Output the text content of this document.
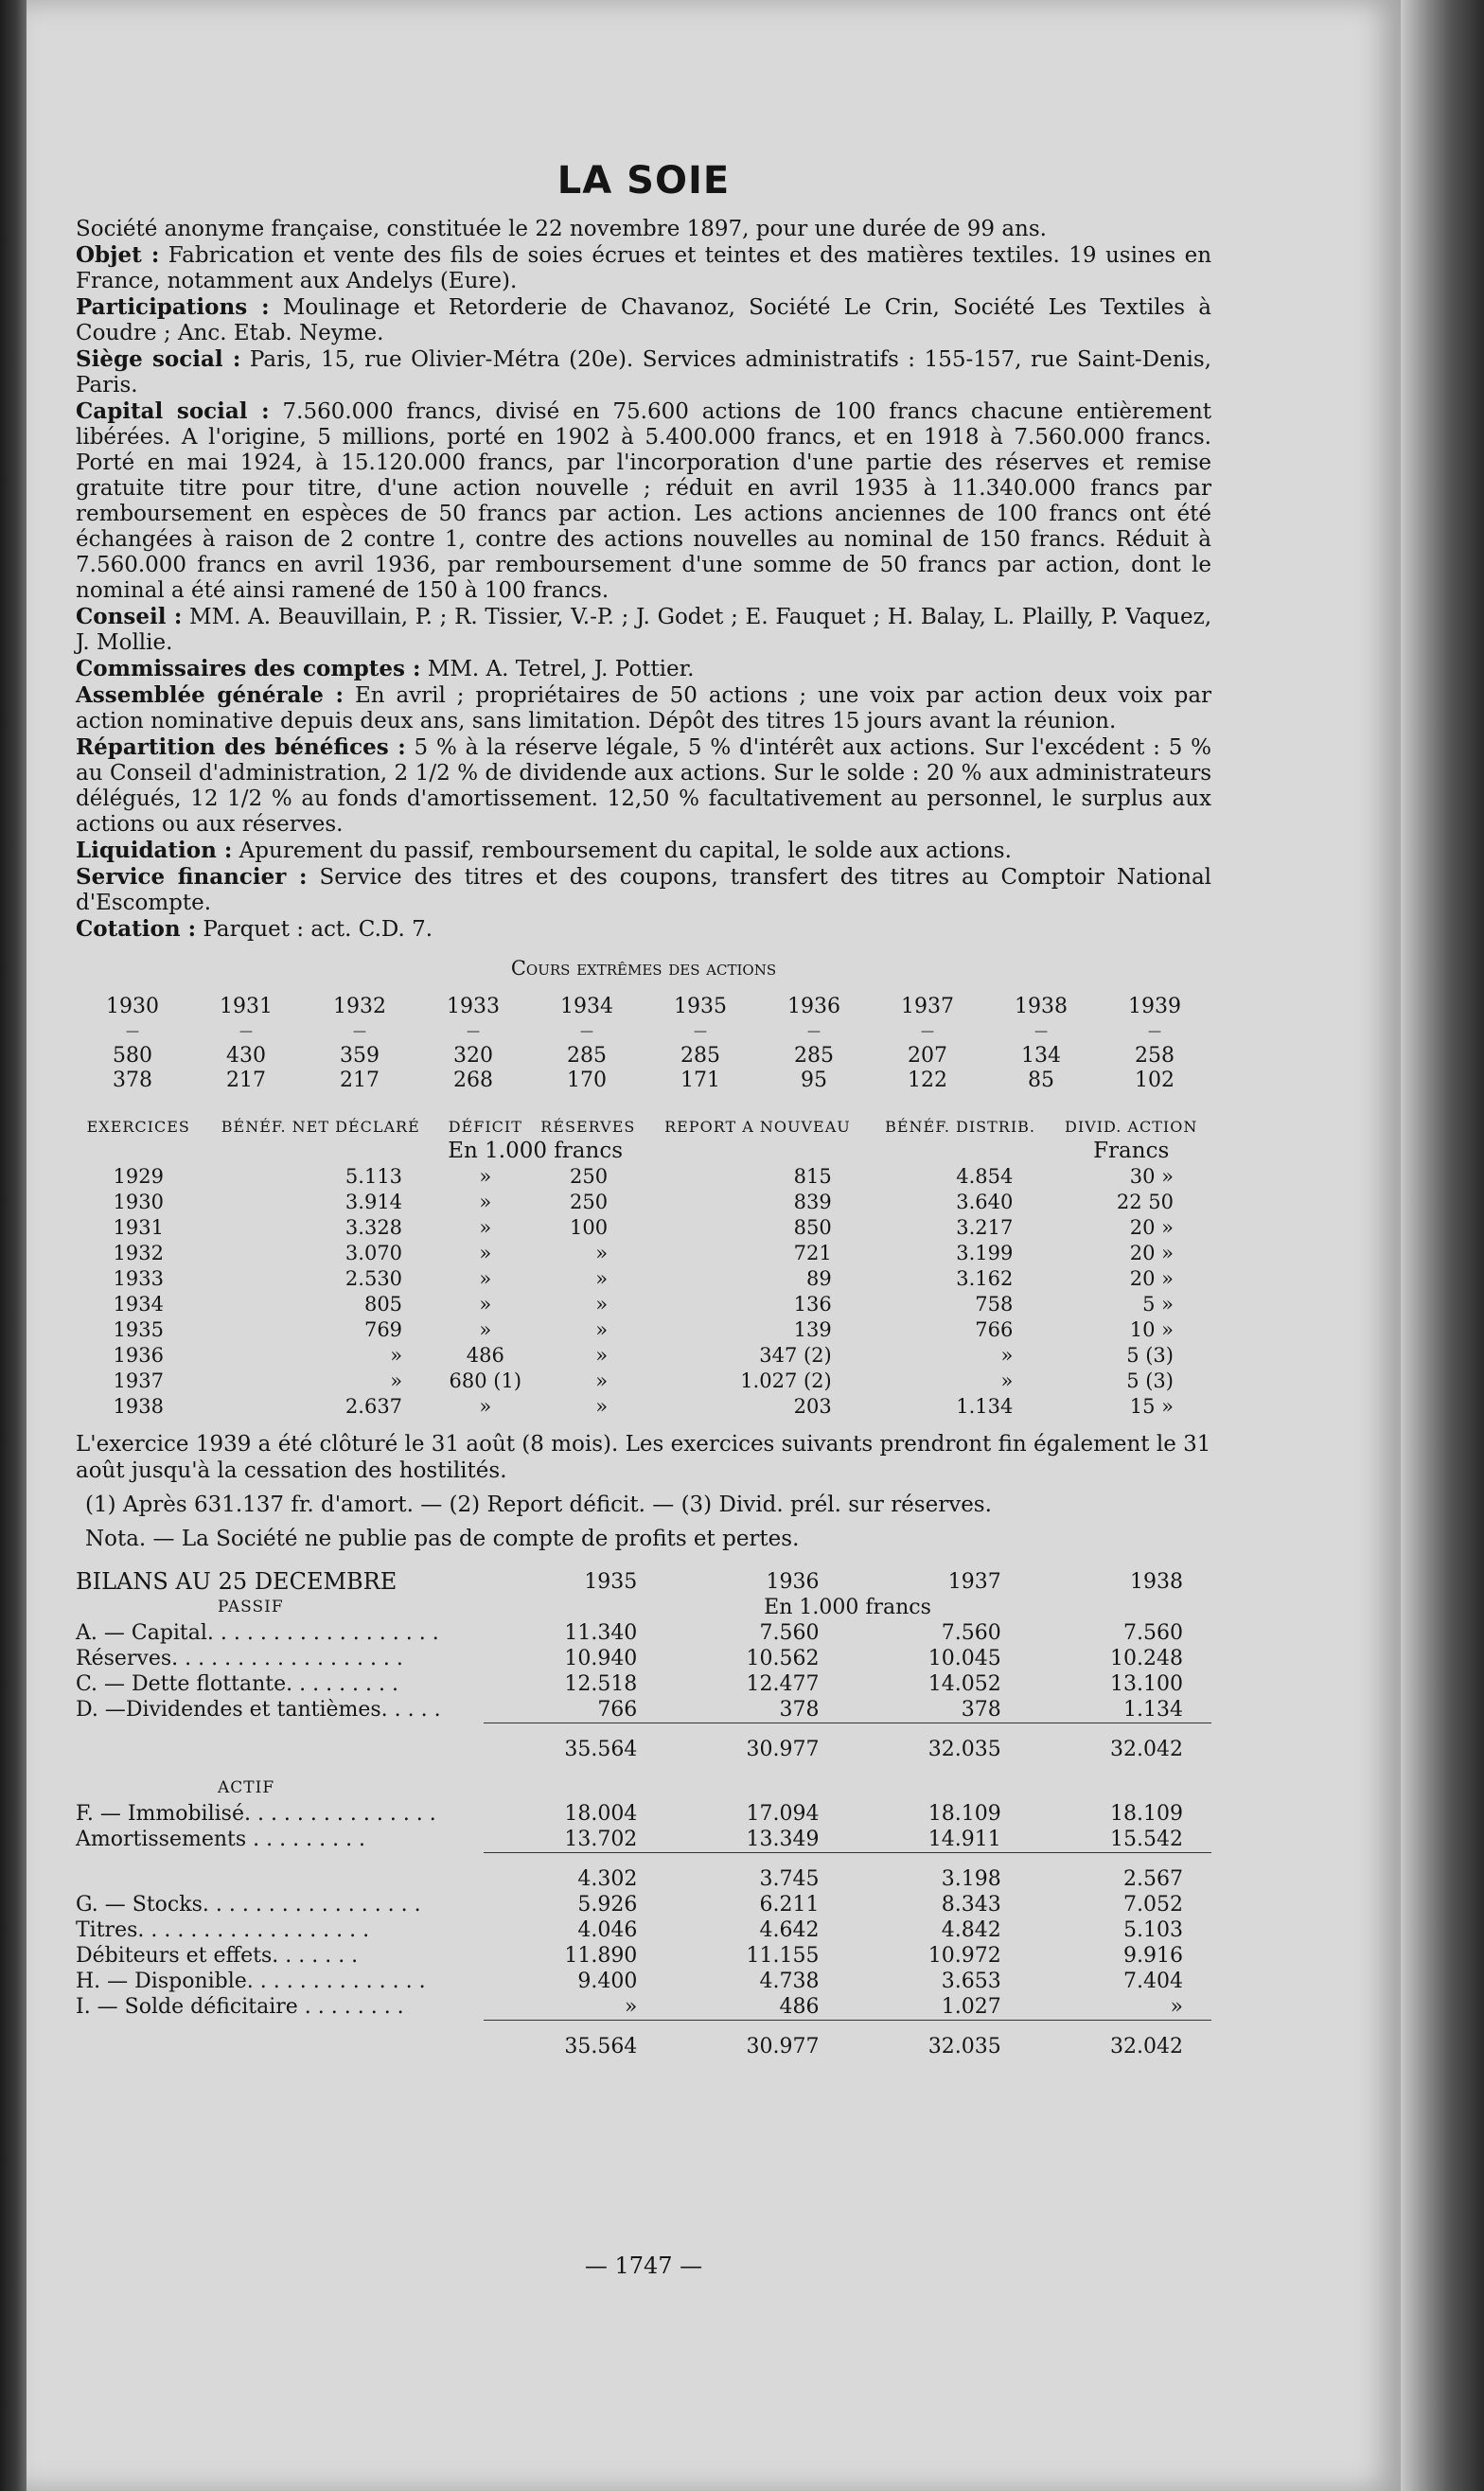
LA SOIE

Société anonyme française, constituée le 22 novembre 1897, pour une durée de 99 ans.

Objet : Fabrication et vente des fils de soies écrues et teintes et des matières textiles. 19 usines en France, notamment aux Andelys (Eure).

Participations : Moulinage et Retorderie de Chavanoz, Société Le Crin, Société Les Textiles à Coudre ; Anc. Etab. Neyme.

Siège social : Paris, 15, rue Olivier-Métra (20e). Services administratifs : 155-157, rue Saint-Denis, Paris.

Capital social : 7.560.000 francs, divisé en 75.600 actions de 100 francs chacune entièrement libérées. A l'origine, 5 millions, porté en 1902 à 5.400.000 francs, et en 1918 à 7.560.000 francs. Porté en mai 1924, à 15.120.000 francs, par l'incorporation d'une partie des réserves et remise gratuite titre pour titre, d'une action nouvelle ; réduit en avril 1935 à 11.340.000 francs par remboursement en espèces de 50 francs par action. Les actions anciennes de 100 francs ont été échangées à raison de 2 contre 1, contre des actions nouvelles au nominal de 150 francs. Réduit à 7.560.000 francs en avril 1936, par remboursement d'une somme de 50 francs par action, dont le nominal a été ainsi ramené de 150 à 100 francs.

Conseil : MM. A. Beauvillain, P. ; R. Tissier, V.-P. ; J. Godet ; E. Fauquet ; H. Balay, L. Plailly, P. Vaquez, J. Mollie.

Commissaires des comptes : MM. A. Tetrel, J. Pottier.

Assemblée générale : En avril ; propriétaires de 50 actions ; une voix par action deux voix par action nominative depuis deux ans, sans limitation. Dépôt des titres 15 jours avant la réunion.

Répartition des bénéfices : 5 % à la réserve légale, 5 % d'intérêt aux actions. Sur l'excédent : 5 % au Conseil d'administration, 2 1/2 % de dividende aux actions. Sur le solde : 20 % aux administrateurs délégués, 12 1/2 % au fonds d'amortissement. 12,50 % facultativement au personnel, le surplus aux actions ou aux réserves.

Liquidation : Apurement du passif, remboursement du capital, le solde aux actions.

Service financier : Service des titres et des coupons, transfert des titres au Comptoir National d'Escompte.

Cotation : Parquet : act. C.D. 7.

Cours extrêmes des actions
1930	1931	1932	1933	1934	1935	1936	1937	1938	1939
—	—	—	—	—	—	—	—	—	—
580	430	359	320	285	285	285	207	134	258
378	217	217	268	170	171	95	122	85	102
EXERCICES	BÉNÉF. NET DÉCLARÉ	DÉFICIT	RÉSERVES	REPORT A NOUVEAU	BÉNÉF. DISTRIB.	DIVID. ACTION
	En 1.000 francs					Francs
1929	5.113	»	250	815	4.854	30 »
1930	3.914	»	250	839	3.640	22 50
1931	3.328	»	100	850	3.217	20 »
1932	3.070	»	»	721	3.199	20 »
1933	2.530	»	»	89	3.162	20 »
1934	805	»	»	136	758	5 »
1935	769	»	»	139	766	10 »
1936	»	486	»	347 (2)	»	5 (3)
1937	»	680 (1)	»	1.027 (2)	»	5 (3)
1938	2.637	»	»	203	1.134	15 »

L'exercice 1939 a été clôturé le 31 août (8 mois). Les exercices suivants prendront fin également le 31 août jusqu'à la cessation des hostilités.

(1) Après 631.137 fr. d'amort. — (2) Report déficit. — (3) Divid. prél. sur réserves.

Nota. — La Société ne publie pas de compte de profits et pertes.

BILANS AU 25 DECEMBRE	1935	1936	1937	1938
PASSIF		En 1.000 francs		
A. — Capital. . . . . . . . . . . . . . . . . .	11.340	7.560	7.560	7.560
Réserves. . . . . . . . . . . . . . . . . .	10.940	10.562	10.045	10.248
C. — Dette flottante. . . . . . . . .	12.518	12.477	14.052	13.100
D. —Dividendes et tantièmes. . . . .	766	378	378	1.134
	35.564	30.977	32.035	32.042
ACTIF				
F. — Immobilisé. . . . . . . . . . . . . . .	18.004	17.094	18.109	18.109
Amortissements . . . . . . . . .	13.702	13.349	14.911	15.542
	4.302	3.745	3.198	2.567
G. — Stocks. . . . . . . . . . . . . . . . .	5.926	6.211	8.343	7.052
Titres. . . . . . . . . . . . . . . . . .	4.046	4.642	4.842	5.103
Débiteurs et effets. . . . . . .	11.890	11.155	10.972	9.916
H. — Disponible. . . . . . . . . . . . . .	9.400	4.738	3.653	7.404
I. — Solde déficitaire . . . . . . . .	»	486	1.027	»
	35.564	30.977	32.035	32.042
— 1747 —
